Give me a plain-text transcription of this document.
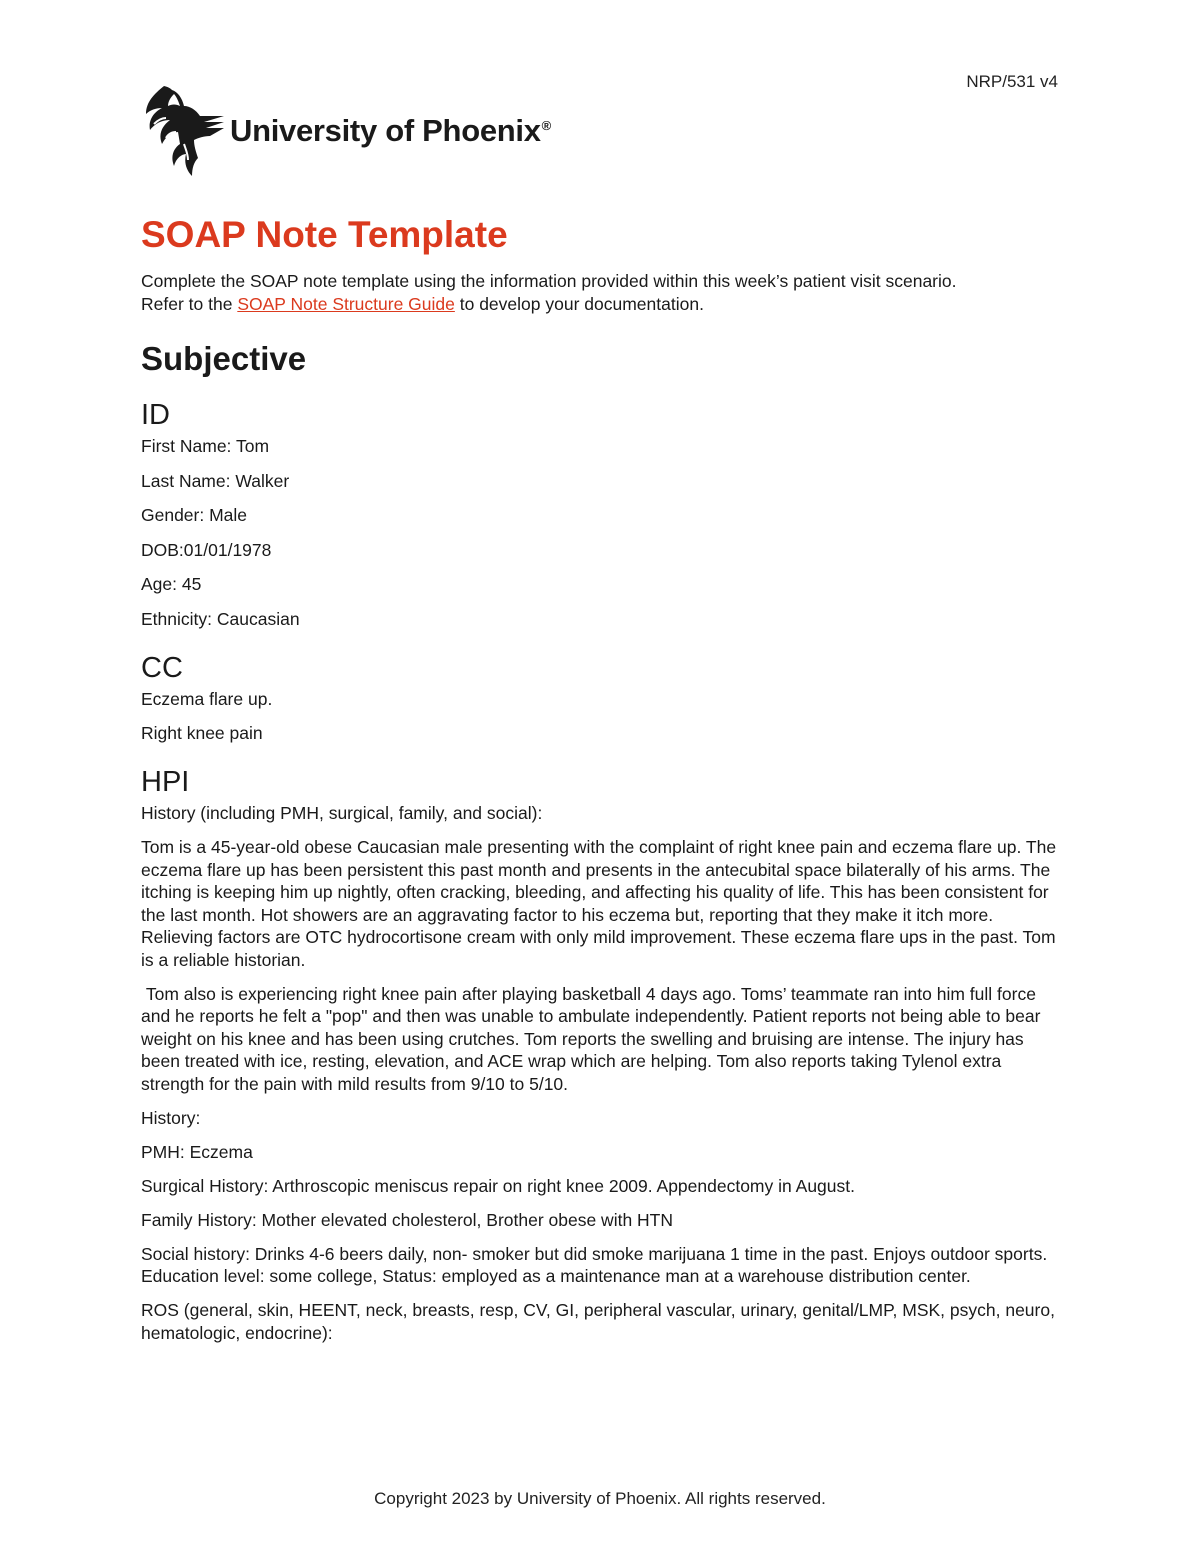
NRP/531 v4
University of Phoenix®
SOAP Note Template

Complete the SOAP note template using the information provided within this week’s patient visit scenario.
Refer to the SOAP Note Structure Guide to develop your documentation.

Subjective
ID

First Name: Tom

Last Name: Walker

Gender: Male

DOB:01/01/1978

Age: 45

Ethnicity: Caucasian

CC

Eczema flare up.

Right knee pain

HPI

History (including PMH, surgical, family, and social):

Tom is a 45-year-old obese Caucasian male presenting with the complaint of right knee pain and eczema flare up. The eczema flare up has been persistent this past month and presents in the antecubital space bilaterally of his arms. The itching is keeping him up nightly, often cracking, bleeding, and affecting his quality of life. This has been consistent for the last month. Hot showers are an aggravating factor to his eczema but, reporting that they make it itch more. Relieving factors are OTC hydrocortisone cream with only mild improvement. These eczema flare ups in the past. Tom is a reliable historian.

Tom also is experiencing right knee pain after playing basketball 4 days ago. Toms’ teammate ran into him full force and he reports he felt a "pop" and then was unable to ambulate independently. Patient reports not being able to bear weight on his knee and has been using crutches. Tom reports the swelling and bruising are intense. The injury has been treated with ice, resting, elevation, and ACE wrap which are helping. Tom also reports taking Tylenol extra strength for the pain with mild results from 9/10 to 5/10.

History:

PMH: Eczema

Surgical History: Arthroscopic meniscus repair on right knee 2009. Appendectomy in August.

Family History: Mother elevated cholesterol, Brother obese with HTN

Social history: Drinks 4-6 beers daily, non- smoker but did smoke marijuana 1 time in the past. Enjoys outdoor sports. Education level: some college, Status: employed as a maintenance man at a warehouse distribution center.

ROS (general, skin, HEENT, neck, breasts, resp, CV, GI, peripheral vascular, urinary, genital/LMP, MSK, psych, neuro, hematologic, endocrine):

Copyright 2023 by University of Phoenix. All rights reserved.
